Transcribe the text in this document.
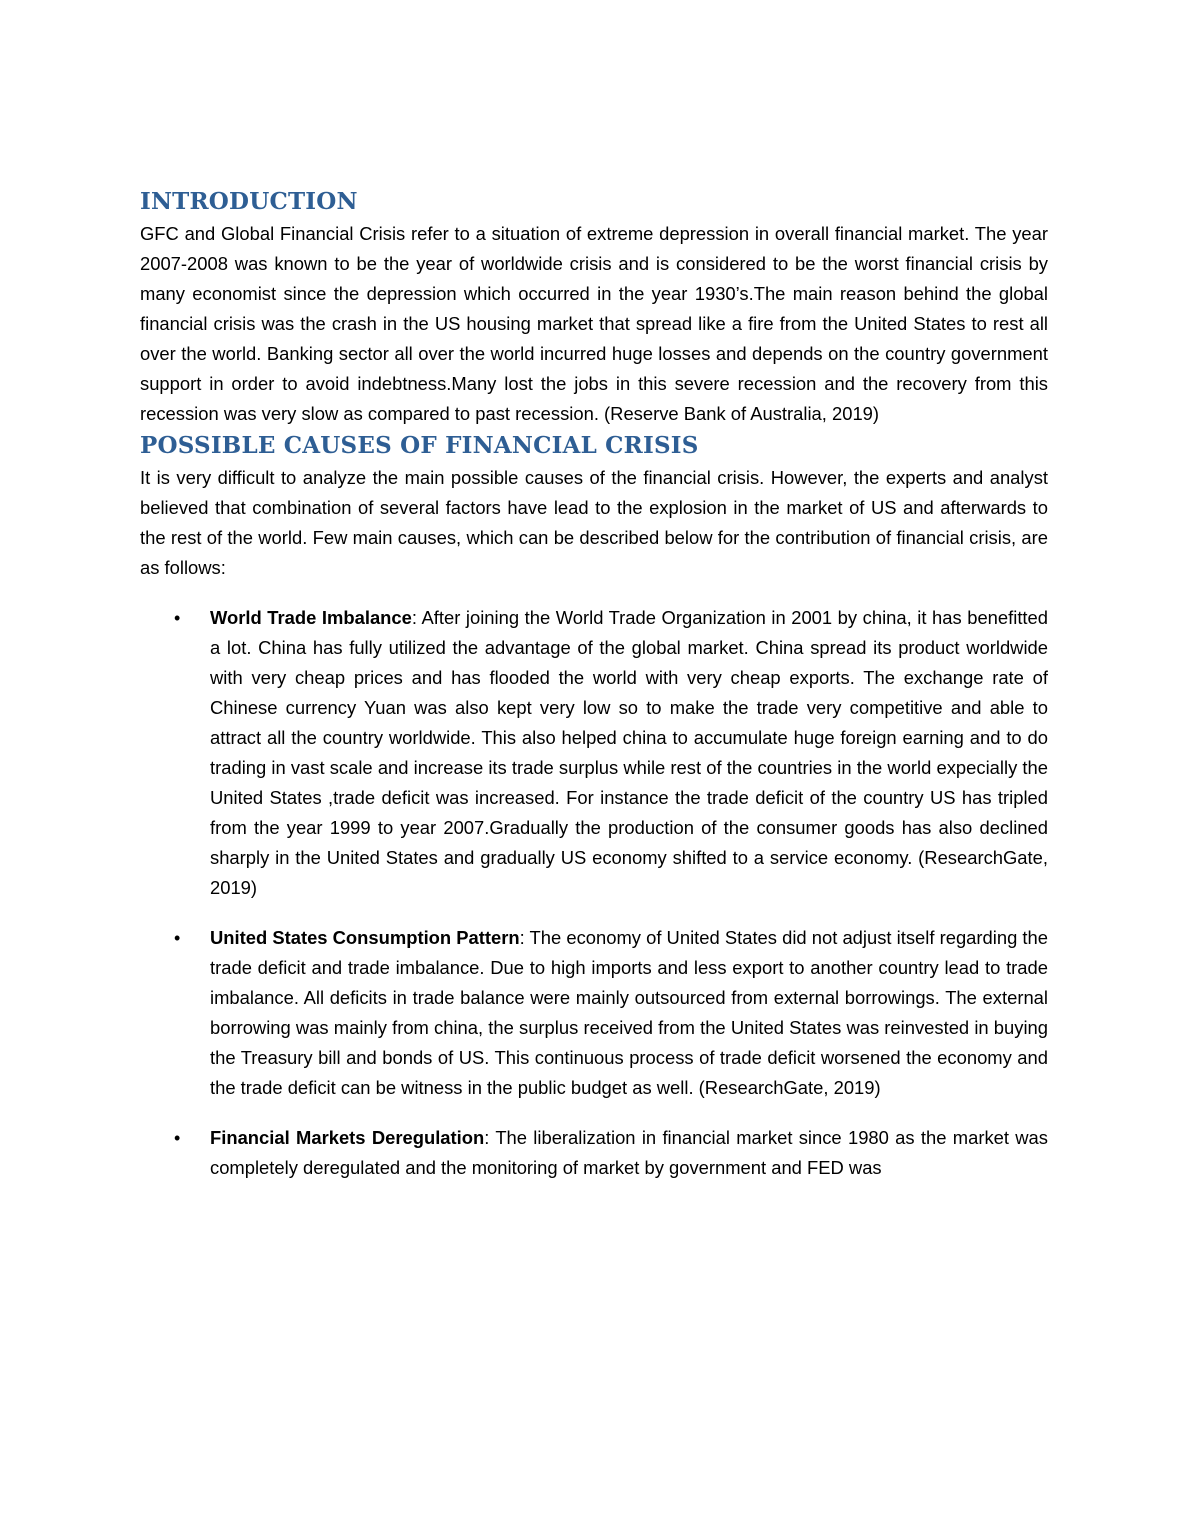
INTRODUCTION

GFC and Global Financial Crisis refer to a situation of extreme depression in overall financial market. The year 2007-2008 was known to be the year of worldwide crisis and is considered to be the worst financial crisis by many economist since the depression which occurred in the year 1930’s.The main reason behind the global financial crisis was the crash in the US housing market that spread like a fire from the United States to rest all over the world. Banking sector all over the world incurred huge losses and depends on the country government support in order to avoid indebtness.Many lost the jobs in this severe recession and the recovery from this recession was very slow as compared to past recession. (Reserve Bank of Australia, 2019)

POSSIBLE CAUSES OF FINANCIAL CRISIS

It is very difficult to analyze the main possible causes of the financial crisis. However, the experts and analyst believed that combination of several factors have lead to the explosion in the market of US and afterwards to the rest of the world. Few main causes, which can be described below for the contribution of financial crisis, are as follows:

• World Trade Imbalance: After joining the World Trade Organization in 2001 by china, it has benefitted a lot. China has fully utilized the advantage of the global market. China spread its product worldwide with very cheap prices and has flooded the world with very cheap exports. The exchange rate of Chinese currency Yuan was also kept very low so to make the trade very competitive and able to attract all the country worldwide. This also helped china to accumulate huge foreign earning and to do trading in vast scale and increase its trade surplus while rest of the countries in the world expecially the United States ,trade deficit was increased. For instance the trade deficit of the country US has tripled from the year 1999 to year 2007.Gradually the production of the consumer goods has also declined sharply in the United States and gradually US economy shifted to a service economy. (ResearchGate, 2019)
• United States Consumption Pattern: The economy of United States did not adjust itself regarding the trade deficit and trade imbalance. Due to high imports and less export to another country lead to trade imbalance. All deficits in trade balance were mainly outsourced from external borrowings. The external borrowing was mainly from china, the surplus received from the United States was reinvested in buying the Treasury bill and bonds of US. This continuous process of trade deficit worsened the economy and the trade deficit can be witness in the public budget as well. (ResearchGate, 2019)
• Financial Markets Deregulation: The liberalization in financial market since 1980 as the market was completely deregulated and the monitoring of market by government and FED was
